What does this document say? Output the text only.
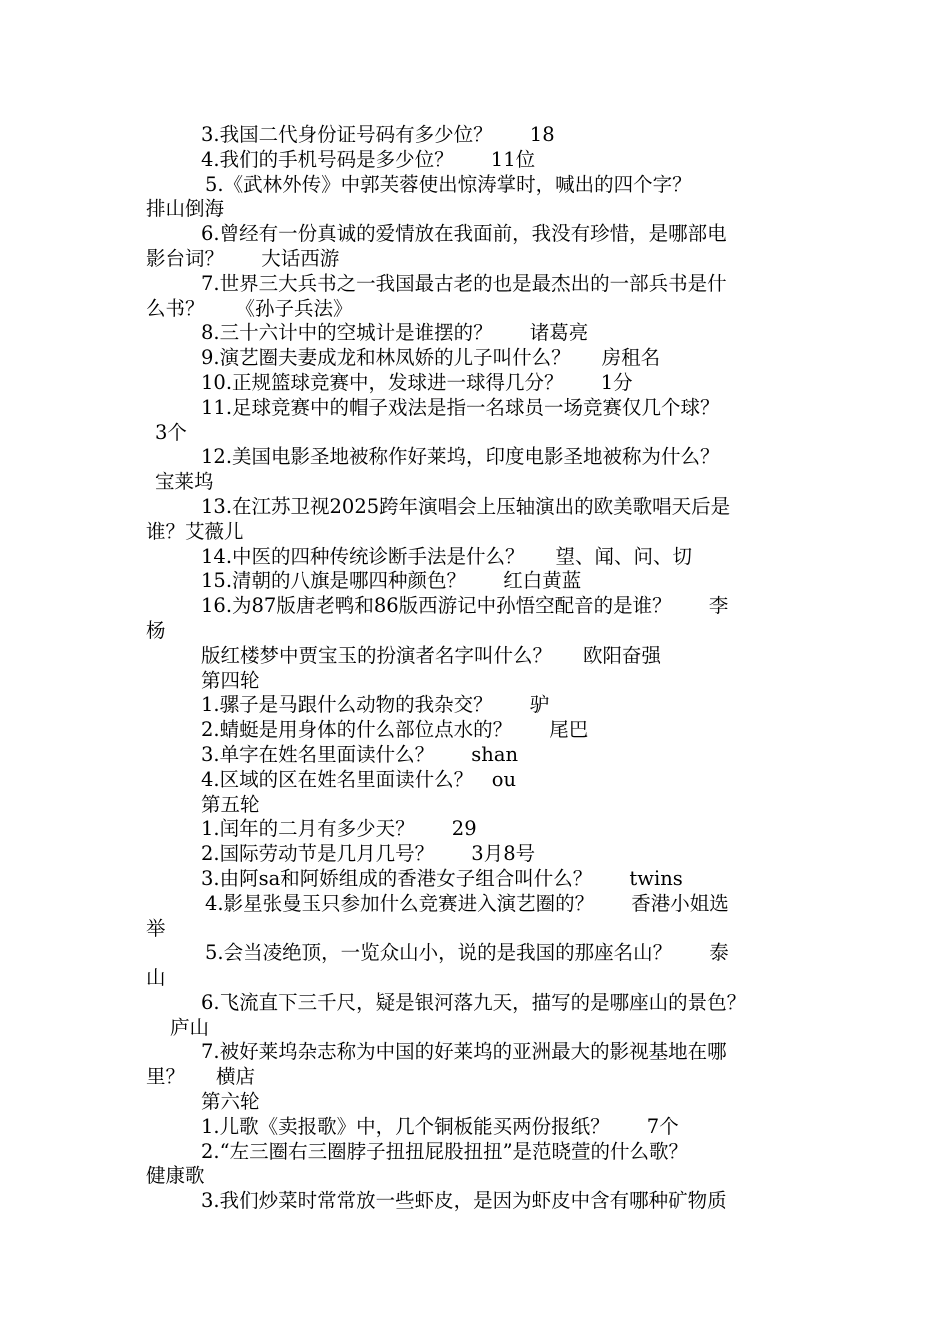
3.我国二代身份证号码有多少位？      18
4.我们的手机号码是多少位？      11位
5.《武林外传》中郭芙蓉使出惊涛掌时，喊出的四个字？
排山倒海
6.曾经有一份真诚的爱情放在我面前，我没有珍惜，是哪部电
影台词？      大话西游
7.世界三大兵书之一我国最古老的也是最杰出的一部兵书是什
么书？     《孙子兵法》
8.三十六计中的空城计是谁摆的？      诸葛亮
9.演艺圈夫妻成龙和林凤娇的儿子叫什么？     房租名
10.正规篮球竞赛中，发球进一球得几分？      1分
11.足球竞赛中的帽子戏法是指一名球员一场竞赛仅几个球？
3个
12.美国电影圣地被称作好莱坞，印度电影圣地被称为什么？
宝莱坞
13.在江苏卫视2025跨年演唱会上压轴演出的欧美歌唱天后是
谁？艾薇儿
14.中医的四种传统诊断手法是什么？     望、闻、问、切
15.清朝的八旗是哪四种颜色？      红白黄蓝
16.为87版唐老鸭和86版西游记中孙悟空配音的是谁？      李
杨
版红楼梦中贾宝玉的扮演者名字叫什么？     欧阳奋强
第四轮
1.骡子是马跟什么动物的我杂交？      驴
2.蜻蜓是用身体的什么部位点水的？      尾巴
3.单字在姓名里面读什么？      shan
4.区域的区在姓名里面读什么？   ou
第五轮
1.闰年的二月有多少天？      29
2.国际劳动节是几月几号？      3月8号
3.由阿sa和阿娇组成的香港女子组合叫什么？      twins
4.影星张曼玉只参加什么竞赛进入演艺圈的？      香港小姐选
举
5.会当凌绝顶，一览众山小，说的是我国的那座名山？      泰
山
6.飞流直下三千尺，疑是银河落九天，描写的是哪座山的景色？
庐山
7.被好莱坞杂志称为中国的好莱坞的亚洲最大的影视基地在哪
里？     横店
第六轮
1.儿歌《卖报歌》中，几个铜板能买两份报纸？      7个
2.“左三圈右三圈脖子扭扭屁股扭扭”是范晓萱的什么歌？
健康歌
3.我们炒菜时常常放一些虾皮，是因为虾皮中含有哪种矿物质
